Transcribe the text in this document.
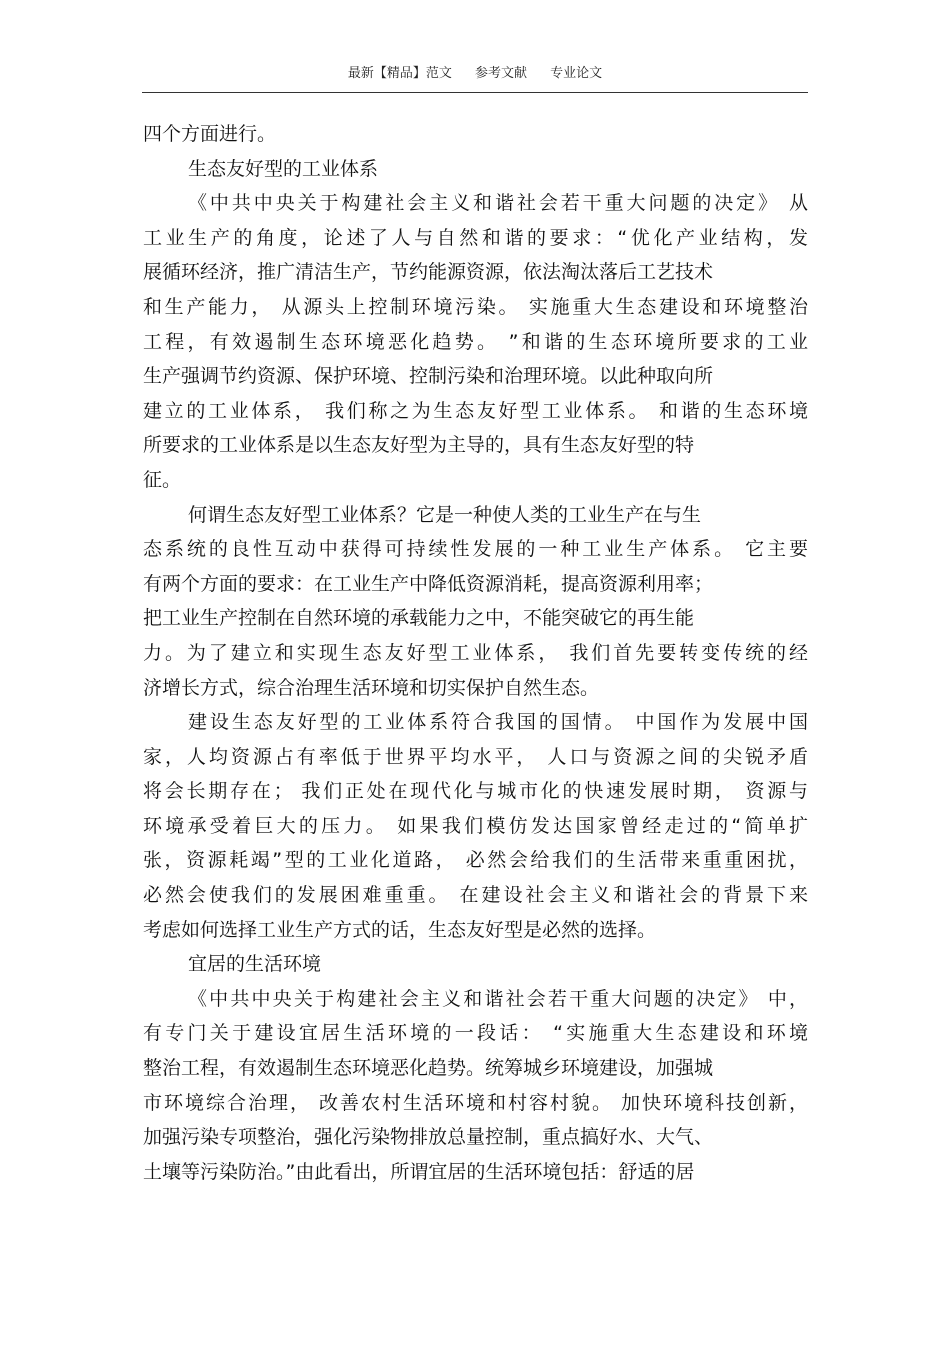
最新【精品】范文 参考文献 专业论文
四个方面进行。
生态友好型的工业体系
《中共中央关于构建社会主义和谐社会若干重大问题的决定》 从
工业生产的角度，论述了人与自然和谐的要求：“优化产业结构，发
展循环经济，推广清洁生产，节约能源资源，依法淘汰落后工艺技术
和生产能力， 从源头上控制环境污染。 实施重大生态建设和环境整治
工程，有效遏制生态环境恶化趋势。 ”和谐的生态环境所要求的工业
生产强调节约资源、保护环境、控制污染和治理环境。以此种取向所
建立的工业体系， 我们称之为生态友好型工业体系。 和谐的生态环境
所要求的工业体系是以生态友好型为主导的，具有生态友好型的特
征。
何谓生态友好型工业体系？它是一种使人类的工业生产在与生
态系统的良性互动中获得可持续性发展的一种工业生产体系。 它主要
有两个方面的要求：在工业生产中降低资源消耗，提高资源利用率；
把工业生产控制在自然环境的承载能力之中，不能突破它的再生能
力。为了建立和实现生态友好型工业体系， 我们首先要转变传统的经
济增长方式，综合治理生活环境和切实保护自然生态。
建设生态友好型的工业体系符合我国的国情。 中国作为发展中国
家，人均资源占有率低于世界平均水平， 人口与资源之间的尖锐矛盾
将会长期存在； 我们正处在现代化与城市化的快速发展时期， 资源与
环境承受着巨大的压力。 如果我们模仿发达国家曾经走过的“简单扩
张，资源耗竭”型的工业化道路， 必然会给我们的生活带来重重困扰，
必然会使我们的发展困难重重。 在建设社会主义和谐社会的背景下来
考虑如何选择工业生产方式的话，生态友好型是必然的选择。
宜居的生活环境
《中共中央关于构建社会主义和谐社会若干重大问题的决定》 中，
有专门关于建设宜居生活环境的一段话： “实施重大生态建设和环境
整治工程，有效遏制生态环境恶化趋势。统筹城乡环境建设，加强城
市环境综合治理， 改善农村生活环境和村容村貌。 加快环境科技创新，
加强污染专项整治，强化污染物排放总量控制，重点搞好水、大气、
土壤等污染防治。”由此看出，所谓宜居的生活环境包括：舒适的居
